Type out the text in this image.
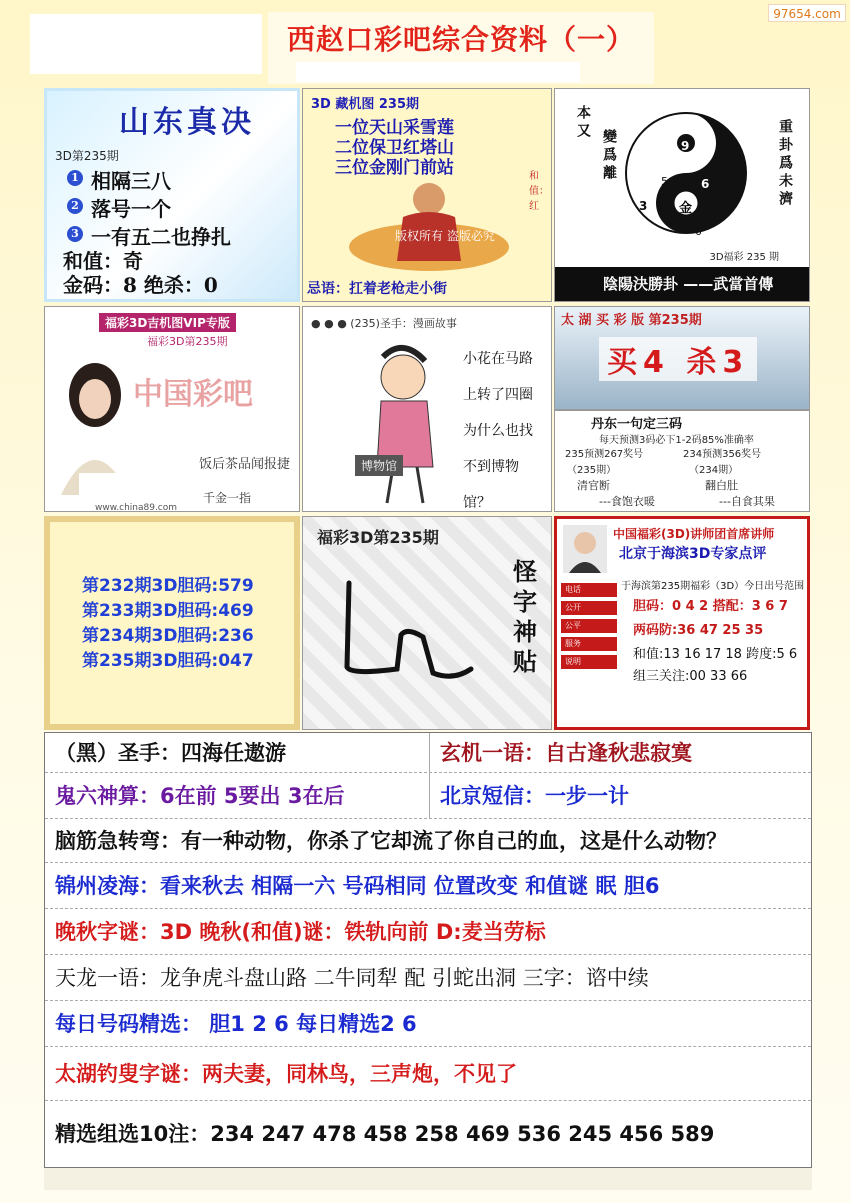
97654.com
西赵口彩吧综合资料（一）
山东真决
3D第235期
1 相隔三八
2 落号一个
3 一有五二也挣扎
和值：奇
金码：8 绝杀：0
3D 藏机图 235期
一位天山采雪莲
二位保卫红塔山
三位金刚门前站	和值：红
版权所有 盗版必究
忌语：扛着老枪走小街
本又
變爲離	重卦爲未濟
金
9
6
3
5
0
3D福彩 235 期
陰陽決勝卦 ——武當首傳
福彩3D吉机图VIP专版
福彩3D第235期
中国彩吧
饭后茶品闻报捷
千金一指
www.china89.com
● ● ● (235)圣手：漫画故事
博物馆
小花在马路
上转了四圈
为什么也找
不到博物馆？
太 湖 买 彩 版 第235期
买4 杀3
丹东一句定三码
每天预测3码必下1-2码85%准确率
235预测267奖号	234预测356奖号
（235期）	（234期）
清官断	翻白肚
---食饱衣暖	---自食其果
第232期3D胆码:579
第233期3D胆码:469
第234期3D胆码:236
第235期3D胆码:047
福彩3D第235期
怪字神贴
中国福彩(3D)讲师团首席讲师
北京于海滨3D专家点评
于海滨第235期福彩（3D）今日出号范围
胆码：0 4 2 搭配：3 6 7
两码防:36 47 25 35
和值:13 16 17 18 跨度:5 6
组三关注:00 33 66
电话
公开
公平
服务
说明
（黑）圣手：四海任遨游	玄机一语：自古逢秋悲寂寞
鬼六神算：6在前 5要出 3在后	北京短信：一步一计
脑筋急转弯：有一种动物，你杀了它却流了你自己的血，这是什么动物？
锦州凌海：看来秋去 相隔一六 号码相同 位置改变 和值谜 眠 胆6
晚秋字谜：3D 晚秋(和值)谜：铁轨向前 D:麦当劳标
天龙一语：龙争虎斗盘山路 二牛同犁 配 引蛇出洞 三字：谘中续
每日号码精选： 胆1 2 6 每日精选2 6
太湖钓叟字谜：两夫妻，同林鸟，三声炮，不见了
精选组选10注：234 247 478 458 258 469 536 245 456 589
